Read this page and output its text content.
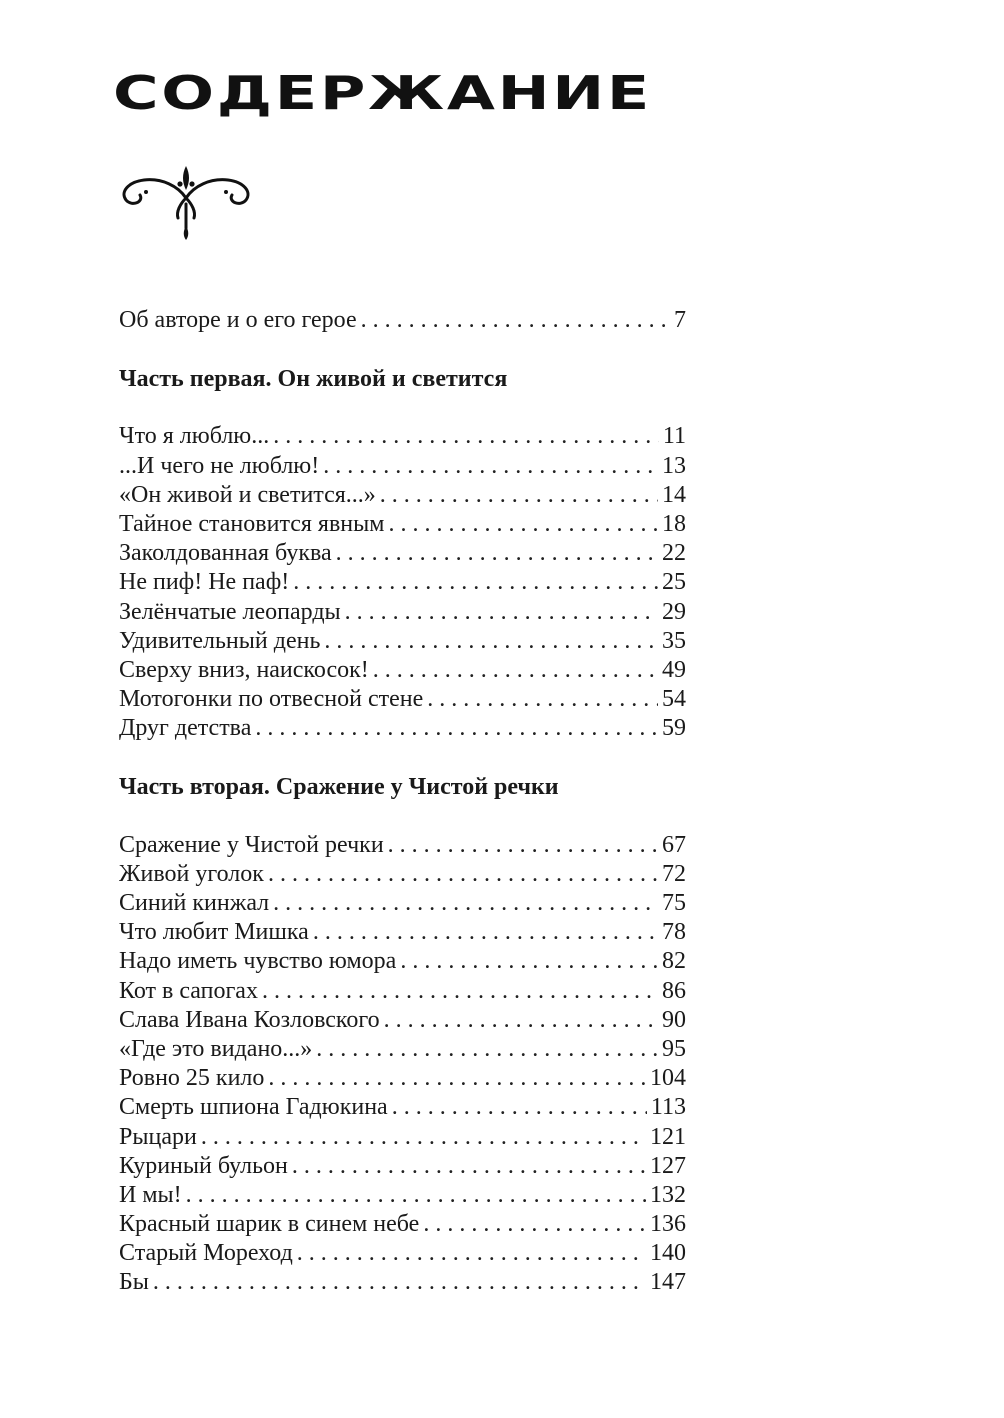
СОДЕРЖАНИЕ
Об авторе и о его герое . . .	7
Часть первая. Он живой и светится
Что я люблю... . . .	11
...И чего не люблю! . . .	13
«Он живой и светится...» . . .	14
Тайное становится явным . . .	18
Заколдованная буква . . .	22
Не пиф! Не паф! . . .	25
Зелёнчатые леопарды . . .	29
Удивительный день . . .	35
Сверху вниз, наискосок! . . .	49
Мотогонки по отвесной стене . . .	54
Друг детства . . .	59
Часть вторая. Сражение у Чистой речки
Сражение у Чистой речки . . .	67
Живой уголок . . .	72
Синий кинжал . . .	75
Что любит Мишка . . .	78
Надо иметь чувство юмора . . .	82
Кот в сапогах . . .	86
Слава Ивана Козловского . . .	90
«Где это видано...» . . .	95
Ровно 25 кило . . .	104
Смерть шпиона Гадюкина . . .	113
Рыцари . . .	121
Куриный бульон . . .	127
И мы! . . .	132
Красный шарик в синем небе . . .	136
Старый Мореход . . .	140
Бы . . .	147
